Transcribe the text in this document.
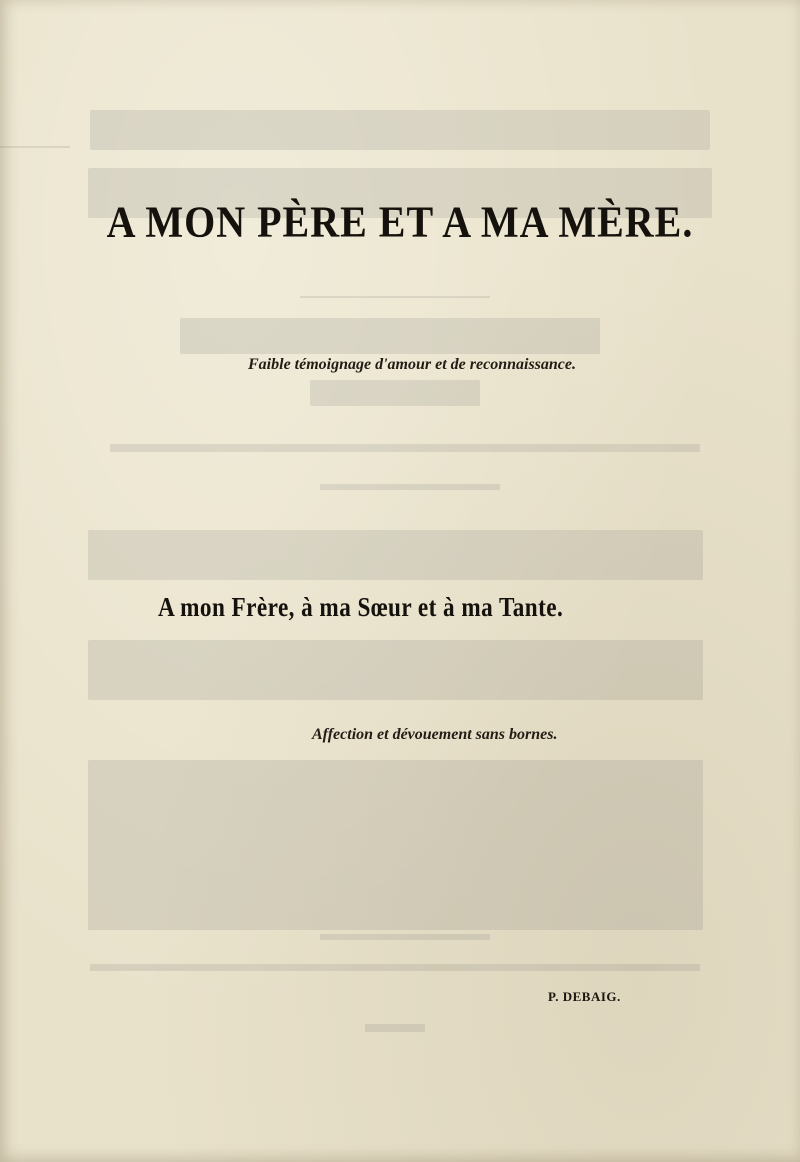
A MON PÈRE ET A MA MÈRE.
Faible témoignage d'amour et de reconnaissance.
A mon Frère, à ma Sœur et à ma Tante.
Affection et dévouement sans bornes.
P. DEBAIG.
